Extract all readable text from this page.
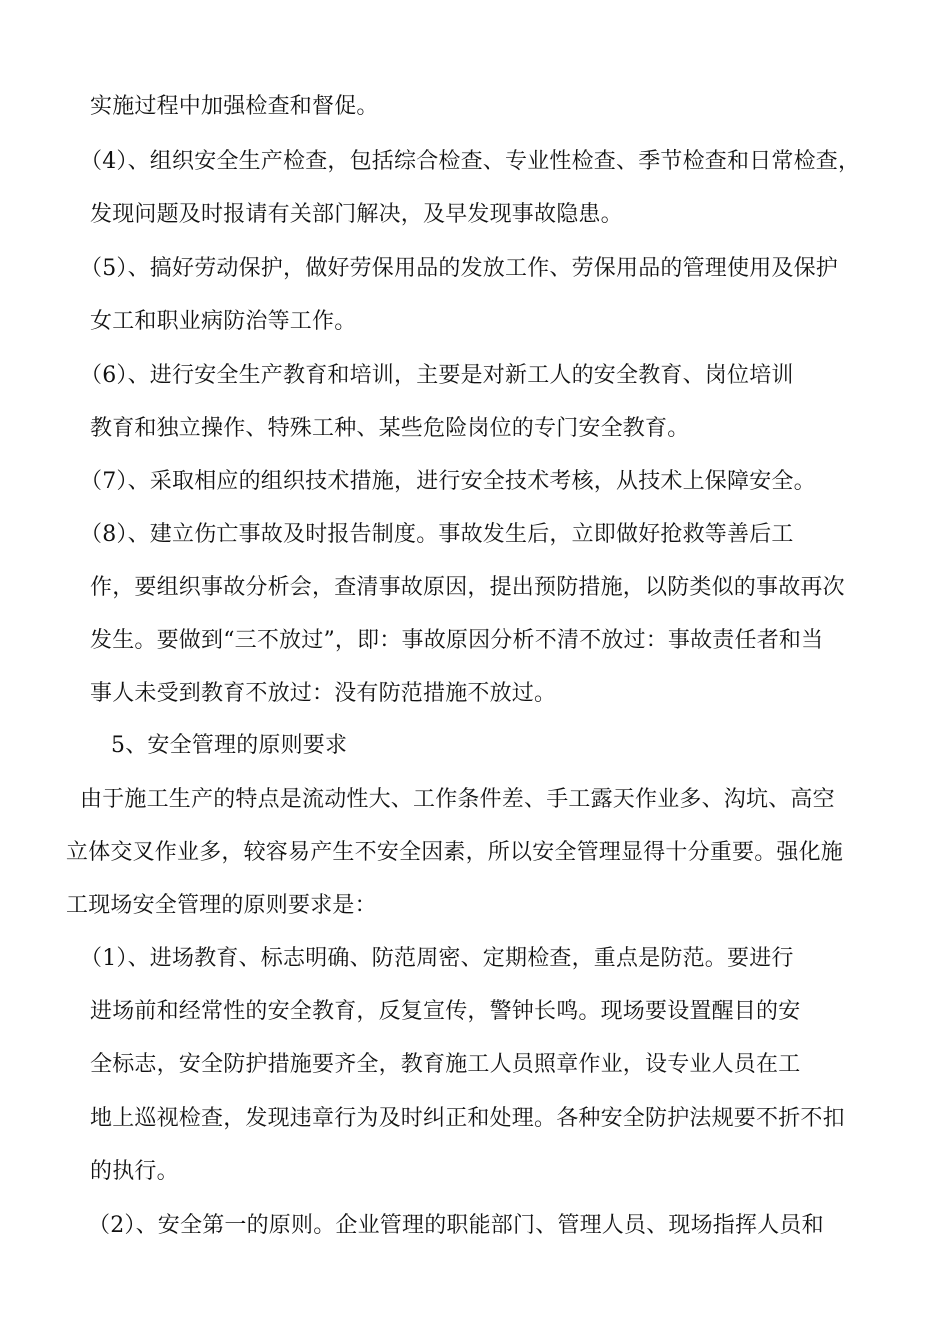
实施过程中加强检查和督促。
（4）、组织安全生产检查，包括综合检查、专业性检查、季节检查和日常检查，
发现问题及时报请有关部门解决，及早发现事故隐患。
（5）、搞好劳动保护，做好劳保用品的发放工作、劳保用品的管理使用及保护
女工和职业病防治等工作。
（6）、进行安全生产教育和培训，主要是对新工人的安全教育、岗位培训
教育和独立操作、特殊工种、某些危险岗位的专门安全教育。
（7）、采取相应的组织技术措施，进行安全技术考核，从技术上保障安全。
（8）、建立伤亡事故及时报告制度。事故发生后，立即做好抢救等善后工
作，要组织事故分析会，查清事故原因，提出预防措施，以防类似的事故再次
发生。要做到“三不放过”，即：事故原因分析不清不放过：事故责任者和当
事人未受到教育不放过：没有防范措施不放过。
5、安全管理的原则要求
由于施工生产的特点是流动性大、工作条件差、手工露天作业多、沟坑、高空
立体交叉作业多，较容易产生不安全因素，所以安全管理显得十分重要。强化施
工现场安全管理的原则要求是：
（1）、进场教育、标志明确、防范周密、定期检查，重点是防范。要进行
进场前和经常性的安全教育，反复宣传，警钟长鸣。现场要设置醒目的安
全标志，安全防护措施要齐全，教育施工人员照章作业，设专业人员在工
地上巡视检查，发现违章行为及时纠正和处理。各种安全防护法规要不折不扣
的执行。
（2）、安全第一的原则。企业管理的职能部门、管理人员、现场指挥人员和
